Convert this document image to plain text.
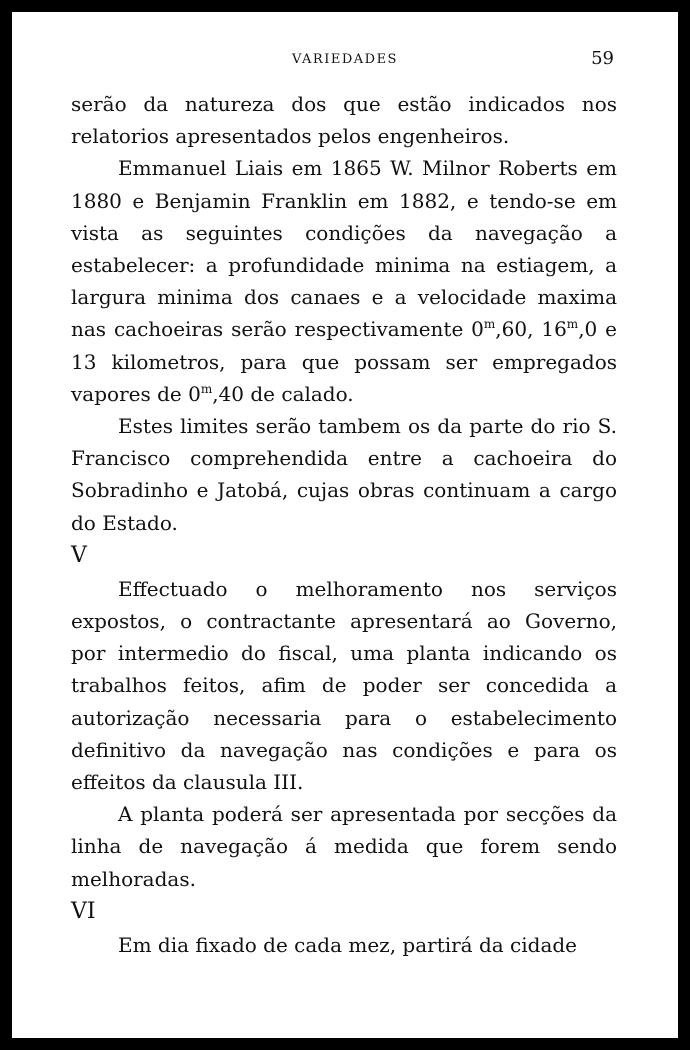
VARIEDADES	59

serão da natureza dos que estão indicados nos relatorios apresentados pelos engenheiros.

Emmanuel Liais em 1865 W. Milnor Roberts em 1880 e Benjamin Franklin em 1882, e tendo-se em vista as seguintes condições da navegação a estabelecer: a profundidade minima na estiagem, a largura minima dos canaes e a velocidade maxima nas cachoeiras serão respectivamente 0$^m$,60, 16$^m$,0 e 13 kilometros, para que possam ser empregados vapores de 0$^m$,40 de calado.

Estes limites serão tambem os da parte do rio S. Francisco comprehendida entre a cachoeira do Sobradinho e Jatobá, cujas obras continuam a cargo do Estado.

V

Effectuado o melhoramento nos serviços expostos, o contractante apresentará ao Governo, por intermedio do fiscal, uma planta indicando os trabalhos feitos, afim de poder ser concedida a autorização necessaria para o estabelecimento definitivo da navegação nas condições e para os effeitos da clausula III.

A planta poderá ser apresentada por secções da linha de navegação á medida que forem sendo melhoradas.

VI

Em dia fixado de cada mez, partirá da cidade
